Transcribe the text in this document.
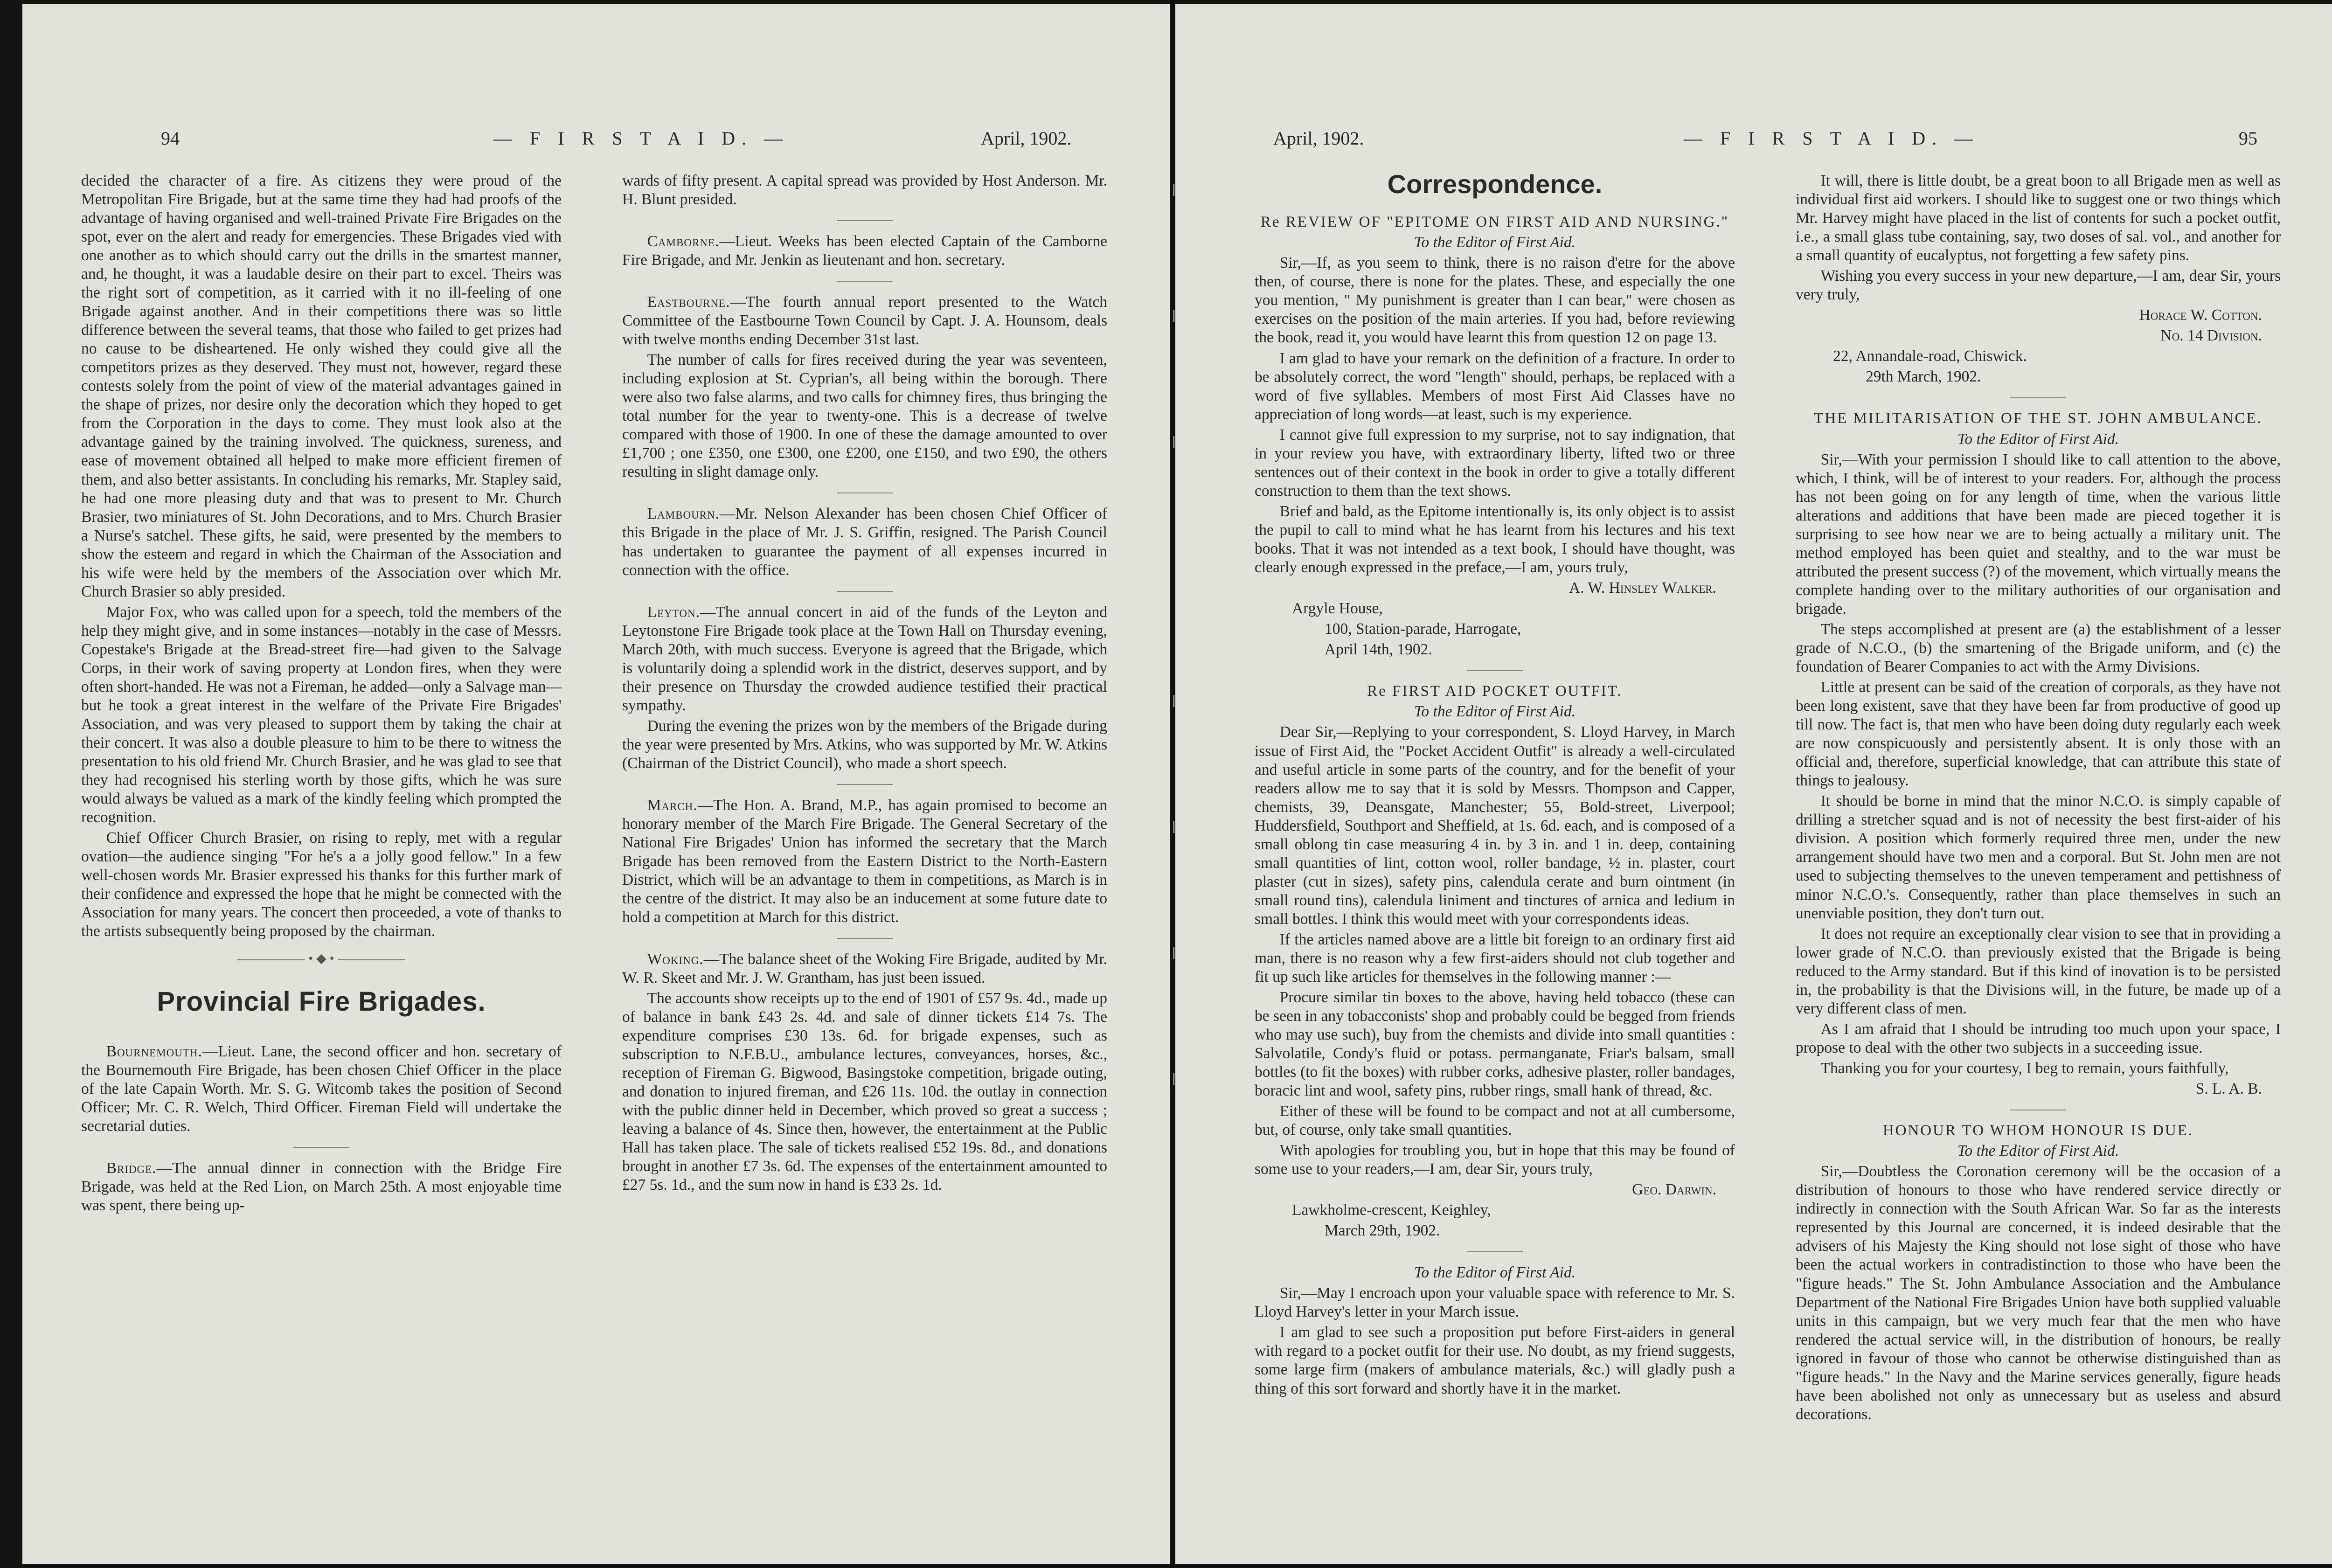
94	— F I R S T A I D. —	April, 1902.

decided the character of a fire. As citizens they were proud of the Metropolitan Fire Brigade, but at the same time they had had proofs of the advantage of having organised and well-trained Private Fire Brigades on the spot, ever on the alert and ready for emergencies. These Brigades vied with one another as to which should carry out the drills in the smartest manner, and, he thought, it was a laudable desire on their part to excel. Theirs was the right sort of competition, as it carried with it no ill-feeling of one Brigade against another. And in their competitions there was so little difference between the several teams, that those who failed to get prizes had no cause to be disheartened. He only wished they could give all the competitors prizes as they deserved. They must not, however, regard these contests solely from the point of view of the material advantages gained in the shape of prizes, nor desire only the decoration which they hoped to get from the Corporation in the days to come. They must look also at the advantage gained by the training involved. The quickness, sureness, and ease of movement obtained all helped to make more efficient firemen of them, and also better assistants. In concluding his remarks, Mr. Stapley said, he had one more pleasing duty and that was to present to Mr. Church Brasier, two miniatures of St. John Decorations, and to Mrs. Church Brasier a Nurse's satchel. These gifts, he said, were presented by the members to show the esteem and regard in which the Chairman of the Association and his wife were held by the members of the Association over which Mr. Church Brasier so ably presided.

Major Fox, who was called upon for a speech, told the members of the help they might give, and in some instances—notably in the case of Messrs. Copestake's Brigade at the Bread-street fire—had given to the Salvage Corps, in their work of saving property at London fires, when they were often short-handed. He was not a Fireman, he added—only a Salvage man—but he took a great interest in the welfare of the Private Fire Brigades' Association, and was very pleased to support them by taking the chair at their concert. It was also a double pleasure to him to be there to witness the presentation to his old friend Mr. Church Brasier, and he was glad to see that they had recognised his sterling worth by those gifts, which he was sure would always be valued as a mark of the kindly feeling which prompted the recognition.

Chief Officer Church Brasier, on rising to reply, met with a regular ovation—the audience singing "For he's a a jolly good fellow." In a few well-chosen words Mr. Brasier expressed his thanks for this further mark of their confidence and expressed the hope that he might be connected with the Association for many years. The concert then proceeded, a vote of thanks to the artists subsequently being proposed by the chairman.

• ◆ •
Provincial Fire Brigades.

Bournemouth.—Lieut. Lane, the second officer and hon. secretary of the Bournemouth Fire Brigade, has been chosen Chief Officer in the place of the late Capain Worth. Mr. S. G. Witcomb takes the position of Second Officer; Mr. C. R. Welch, Third Officer. Fireman Field will undertake the secretarial duties.

Bridge.—The annual dinner in connection with the Bridge Fire Brigade, was held at the Red Lion, on March 25th. A most enjoyable time was spent, there being up-

wards of fifty present. A capital spread was provided by Host Anderson. Mr. H. Blunt presided.

Camborne.—Lieut. Weeks has been elected Captain of the Camborne Fire Brigade, and Mr. Jenkin as lieutenant and hon. secretary.

Eastbourne.—The fourth annual report presented to the Watch Committee of the Eastbourne Town Council by Capt. J. A. Hounsom, deals with twelve months ending December 31st last.

The number of calls for fires received during the year was seventeen, including explosion at St. Cyprian's, all being within the borough. There were also two false alarms, and two calls for chimney fires, thus bringing the total number for the year to twenty-one. This is a decrease of twelve compared with those of 1900. In one of these the damage amounted to over £1,700 ; one £350, one £300, one £200, one £150, and two £90, the others resulting in slight damage only.

Lambourn.—Mr. Nelson Alexander has been chosen Chief Officer of this Brigade in the place of Mr. J. S. Griffin, resigned. The Parish Council has undertaken to guarantee the payment of all expenses incurred in connection with the office.

Leyton.—The annual concert in aid of the funds of the Leyton and Leytonstone Fire Brigade took place at the Town Hall on Thursday evening, March 20th, with much success. Everyone is agreed that the Brigade, which is voluntarily doing a splendid work in the district, deserves support, and by their presence on Thursday the crowded audience testified their practical sympathy.

During the evening the prizes won by the members of the Brigade during the year were presented by Mrs. Atkins, who was supported by Mr. W. Atkins (Chairman of the District Council), who made a short speech.

March.—The Hon. A. Brand, M.P., has again promised to become an honorary member of the March Fire Brigade. The General Secretary of the National Fire Brigades' Union has informed the secretary that the March Brigade has been removed from the Eastern District to the North-Eastern District, which will be an advantage to them in competitions, as March is in the centre of the district. It may also be an inducement at some future date to hold a competition at March for this district.

Woking.—The balance sheet of the Woking Fire Brigade, audited by Mr. W. R. Skeet and Mr. J. W. Grantham, has just been issued.

The accounts show receipts up to the end of 1901 of £57 9s. 4d., made up of balance in bank £43 2s. 4d. and sale of dinner tickets £14 7s. The expenditure comprises £30 13s. 6d. for brigade expenses, such as subscription to N.F.B.U., ambulance lectures, conveyances, horses, &c., reception of Fireman G. Bigwood, Basingstoke competition, brigade outing, and donation to injured fireman, and £26 11s. 10d. the outlay in connection with the public dinner held in December, which proved so great a success ; leaving a balance of 4s. Since then, however, the entertainment at the Public Hall has taken place. The sale of tickets realised £52 19s. 8d., and donations brought in another £7 3s. 6d. The expenses of the entertainment amounted to £27 5s. 1d., and the sum now in hand is £33 2s. 1d.

April, 1902.	— F I R S T A I D. —	95
Correspondence.

Re REVIEW OF "EPITOME ON FIRST AID AND NURSING."

To the Editor of First Aid.

Sir,—If, as you seem to think, there is no raison d'etre for the above then, of course, there is none for the plates. These, and especially the one you mention, " My punishment is greater than I can bear," were chosen as exercises on the position of the main arteries. If you had, before reviewing the book, read it, you would have learnt this from question 12 on page 13.

I am glad to have your remark on the definition of a fracture. In order to be absolutely correct, the word "length" should, perhaps, be replaced with a word of five syllables. Members of most First Aid Classes have no appreciation of long words—at least, such is my experience.

I cannot give full expression to my surprise, not to say indignation, that in your review you have, with extraordinary liberty, lifted two or three sentences out of their context in the book in order to give a totally different construction to them than the text shows.

Brief and bald, as the Epitome intentionally is, its only object is to assist the pupil to call to mind what he has learnt from his lectures and his text books. That it was not intended as a text book, I should have thought, was clearly enough expressed in the preface,—I am, yours truly,

A. W. Hinsley Walker.

Argyle House,

100, Station-parade, Harrogate,

April 14th, 1902.

Re FIRST AID POCKET OUTFIT.

To the Editor of First Aid.

Dear Sir,—Replying to your correspondent, S. Lloyd Harvey, in March issue of First Aid, the "Pocket Accident Outfit" is already a well-circulated and useful article in some parts of the country, and for the benefit of your readers allow me to say that it is sold by Messrs. Thompson and Capper, chemists, 39, Deansgate, Manchester; 55, Bold-street, Liverpool; Huddersfield, Southport and Sheffield, at 1s. 6d. each, and is composed of a small oblong tin case measuring 4 in. by 3 in. and 1 in. deep, containing small quantities of lint, cotton wool, roller bandage, ½ in. plaster, court plaster (cut in sizes), safety pins, calendula cerate and burn ointment (in small round tins), calendula liniment and tinctures of arnica and ledium in small bottles. I think this would meet with your correspondents ideas.

If the articles named above are a little bit foreign to an ordinary first aid man, there is no reason why a few first-aiders should not club together and fit up such like articles for themselves in the following manner :—

Procure similar tin boxes to the above, having held tobacco (these can be seen in any tobacconists' shop and probably could be begged from friends who may use such), buy from the chemists and divide into small quantities : Salvolatile, Condy's fluid or potass. permanganate, Friar's balsam, small bottles (to fit the boxes) with rubber corks, adhesive plaster, roller bandages, boracic lint and wool, safety pins, rubber rings, small hank of thread, &c.

Either of these will be found to be compact and not at all cumbersome, but, of course, only take small quantities.

With apologies for troubling you, but in hope that this may be found of some use to your readers,—I am, dear Sir, yours truly,

Geo. Darwin.

Lawkholme-crescent, Keighley,

March 29th, 1902.

To the Editor of First Aid.

Sir,—May I encroach upon your valuable space with reference to Mr. S. Lloyd Harvey's letter in your March issue.

I am glad to see such a proposition put before First-aiders in general with regard to a pocket outfit for their use. No doubt, as my friend suggests, some large firm (makers of ambulance materials, &c.) will gladly push a thing of this sort forward and shortly have it in the market.

It will, there is little doubt, be a great boon to all Brigade men as well as individual first aid workers. I should like to suggest one or two things which Mr. Harvey might have placed in the list of contents for such a pocket outfit, i.e., a small glass tube containing, say, two doses of sal. vol., and another for a small quantity of eucalyptus, not forgetting a few safety pins.

Wishing you every success in your new departure,—I am, dear Sir, yours very truly,

Horace W. Cotton.

No. 14 Division.

22, Annandale-road, Chiswick.

29th March, 1902.

THE MILITARISATION OF THE ST. JOHN AMBULANCE.

To the Editor of First Aid.

Sir,—With your permission I should like to call attention to the above, which, I think, will be of interest to your readers. For, although the process has not been going on for any length of time, when the various little alterations and additions that have been made are pieced together it is surprising to see how near we are to being actually a military unit. The method employed has been quiet and stealthy, and to the war must be attributed the present success (?) of the movement, which virtually means the complete handing over to the military authorities of our organisation and brigade.

The steps accomplished at present are (a) the establishment of a lesser grade of N.C.O., (b) the smartening of the Brigade uniform, and (c) the foundation of Bearer Companies to act with the Army Divisions.

Little at present can be said of the creation of corporals, as they have not been long existent, save that they have been far from productive of good up till now. The fact is, that men who have been doing duty regularly each week are now conspicuously and persistently absent. It is only those with an official and, therefore, superficial knowledge, that can attribute this state of things to jealousy.

It should be borne in mind that the minor N.C.O. is simply capable of drilling a stretcher squad and is not of necessity the best first-aider of his division. A position which formerly required three men, under the new arrangement should have two men and a corporal. But St. John men are not used to subjecting themselves to the uneven temperament and pettishness of minor N.C.O.'s. Consequently, rather than place themselves in such an unenviable position, they don't turn out.

It does not require an exceptionally clear vision to see that in providing a lower grade of N.C.O. than previously existed that the Brigade is being reduced to the Army standard. But if this kind of inovation is to be persisted in, the probability is that the Divisions will, in the future, be made up of a very different class of men.

As I am afraid that I should be intruding too much upon your space, I propose to deal with the other two subjects in a succeeding issue.

Thanking you for your courtesy, I beg to remain, yours faithfully,

S. L. A. B.

HONOUR TO WHOM HONOUR IS DUE.

To the Editor of First Aid.

Sir,—Doubtless the Coronation ceremony will be the occasion of a distribution of honours to those who have rendered service directly or indirectly in connection with the South African War. So far as the interests represented by this Journal are concerned, it is indeed desirable that the advisers of his Majesty the King should not lose sight of those who have been the actual workers in contradistinction to those who have been the "figure heads." The St. John Ambulance Association and the Ambulance Department of the National Fire Brigades Union have both supplied valuable units in this campaign, but we very much fear that the men who have rendered the actual service will, in the distribution of honours, be really ignored in favour of those who cannot be otherwise distinguished than as "figure heads." In the Navy and the Marine services generally, figure heads have been abolished not only as unnecessary but as useless and absurd decorations.
